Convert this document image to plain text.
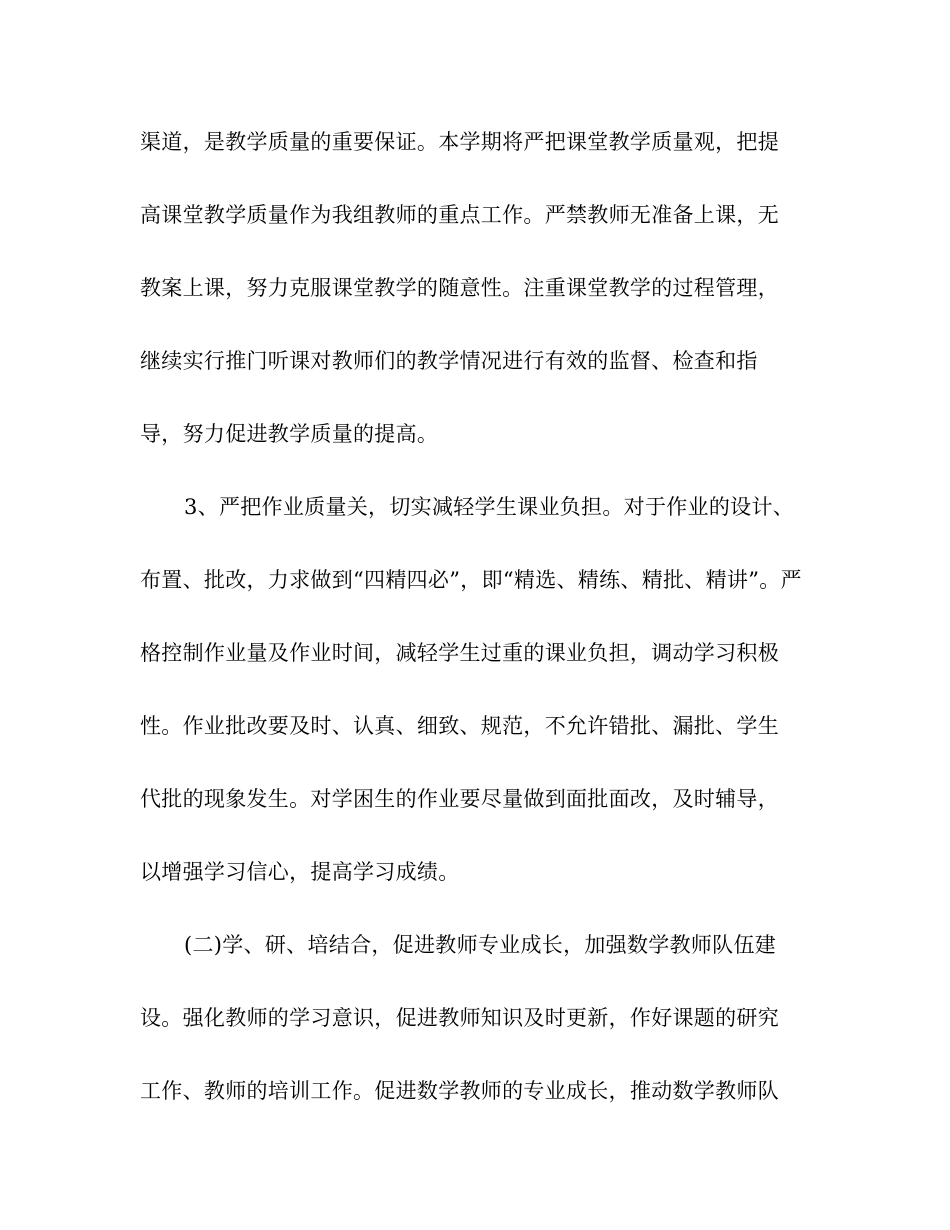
渠道，是教学质量的重要保证。本学期将严把课堂教学质量观，把提
高课堂教学质量作为我组教师的重点工作。严禁教师无准备上课，无
教案上课，努力克服课堂教学的随意性。注重课堂教学的过程管理，
继续实行推门听课对教师们的教学情况进行有效的监督、检查和指
导，努力促进教学质量的提高。
3、严把作业质量关，切实减轻学生课业负担。对于作业的设计、
布置、批改，力求做到“四精四必”，即“精选、精练、精批、精讲”。严
格控制作业量及作业时间，减轻学生过重的课业负担，调动学习积极
性。作业批改要及时、认真、细致、规范，不允许错批、漏批、学生
代批的现象发生。对学困生的作业要尽量做到面批面改，及时辅导，
以增强学习信心，提高学习成绩。
(二)学、研、培结合，促进教师专业成长，加强数学教师队伍建
设。强化教师的学习意识，促进教师知识及时更新，作好课题的研究
工作、教师的培训工作。促进数学教师的专业成长，推动数学教师队
